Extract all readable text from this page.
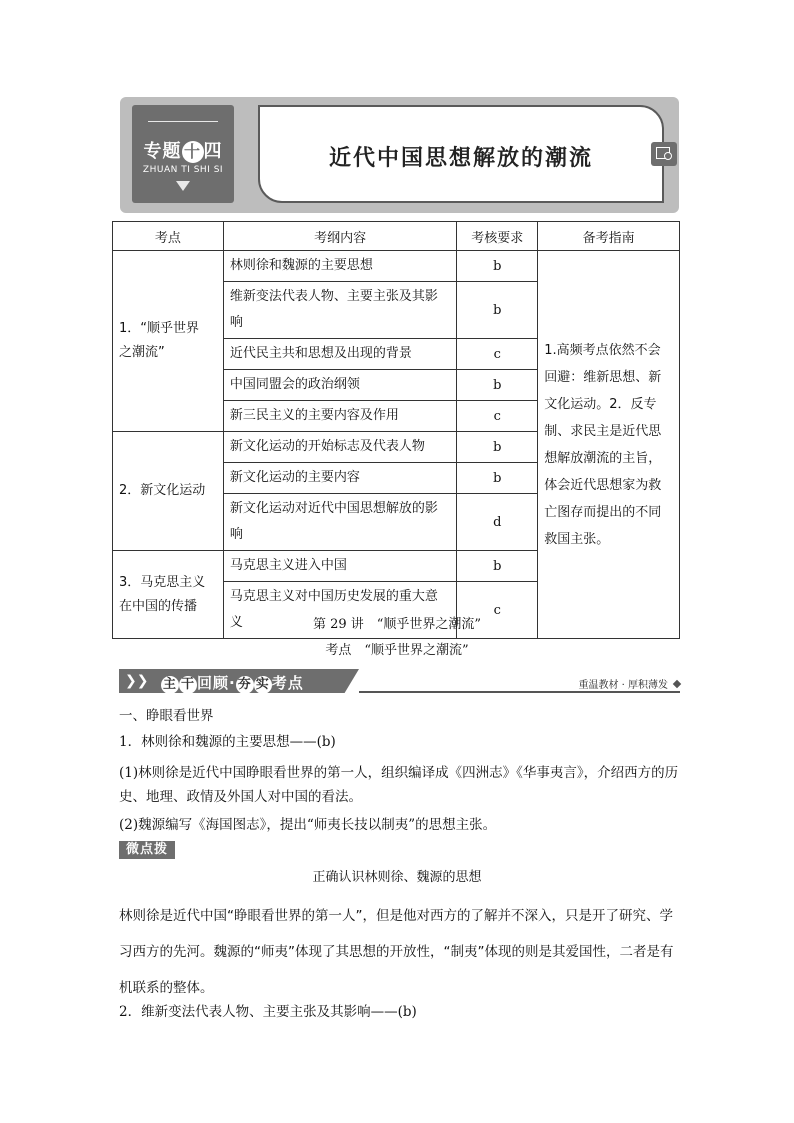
专题 十 四
ZHUAN TI SHI SI	近代中国思想解放的潮流
考点	考纲内容	考核要求	备考指南
1．“顺乎世界
之潮流”	林则徐和魏源的主要思想	b	1.高频考点依然不会回避：维新思想、新文化运动。2．反专制、求民主是近代思想解放潮流的主旨，体会近代思想家为救亡图存而提出的不同救国主张。
	维新变法代表人物、主要主张及其影响	b	
	近代民主共和思想及出现的背景	c	
	中国同盟会的政治纲领	b	
	新三民主义的主要内容及作用	c	
2．新文化运动	新文化运动的开始标志及代表人物	b	
	新文化运动的主要内容	b	
	新文化运动对近代中国思想解放的影响	d	
3．马克思主义
在中国的传播	马克思主义进入中国	b	
	马克思主义对中国历史发展的重大意义	c	
第 29 讲　“顺乎世界之潮流”
考点　“顺乎世界之潮流”
❯❯ 主 干 回顾· 夯 实 考点	重温教材 · 厚积薄发
一、睁眼看世界
1．林则徐和魏源的主要思想——(b)
(1)林则徐是近代中国睁眼看世界的第一人，组织编译成《四洲志》《华事夷言》，介绍西方的历史、地理、政情及外国人对中国的看法。
(2)魏源编写《海国图志》，提出“师夷长技以制夷”的思想主张。
微点拨
正确认识林则徐、魏源的思想
林则徐是近代中国“睁眼看世界的第一人”，但是他对西方的了解并不深入，只是开了研究、学习西方的先河。魏源的“师夷”体现了其思想的开放性，“制夷”体现的则是其爱国性，二者是有机联系的整体。
2．维新变法代表人物、主要主张及其影响——(b)
